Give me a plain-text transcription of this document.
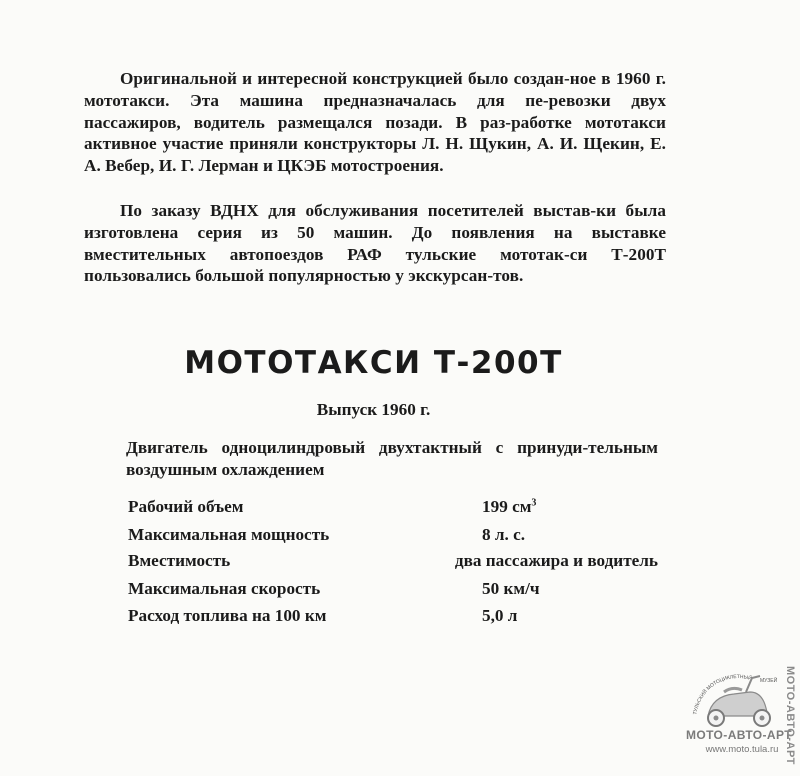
Оригинальной и интересной конструкцией было создан-ное в 1960 г. мототакси. Эта машина предназначалась для пе-ревозки двух пассажиров, водитель размещался позади. В раз-работке мототакси активное участие приняли конструкторы Л. Н. Щукин, А. И. Щекин, Е. А. Вебер, И. Г. Лерман и ЦКЭБ мотостроения.

По заказу ВДНХ для обслуживания посетителей выстав-ки была изготовлена серия из 50 машин. До появления на выставке вместительных автопоездов РАФ тульские мототак-си Т-200Т пользовались большой популярностью у экскурсан-тов.

МОТОТАКСИ Т-200Т

Выпуск 1960 г.

Двигатель одноцилиндровый двухтактный с принуди-тельным воздушным охлаждением

Рабочий объем	199 $см^3$
Максимальная мощность	8 л. с.
Вместимость	два пассажира и водитель
Максимальная скорость	50 км/ч
Расход топлива на 100 км	5,0 л
ТУЛЬСКИЙ МОТОЦИКЛЕТНЫЙ МУЗЕЙ
МОТО-АВТО-АРТ
www.moto.tula.ru МОТО-АВТО-АРТ
